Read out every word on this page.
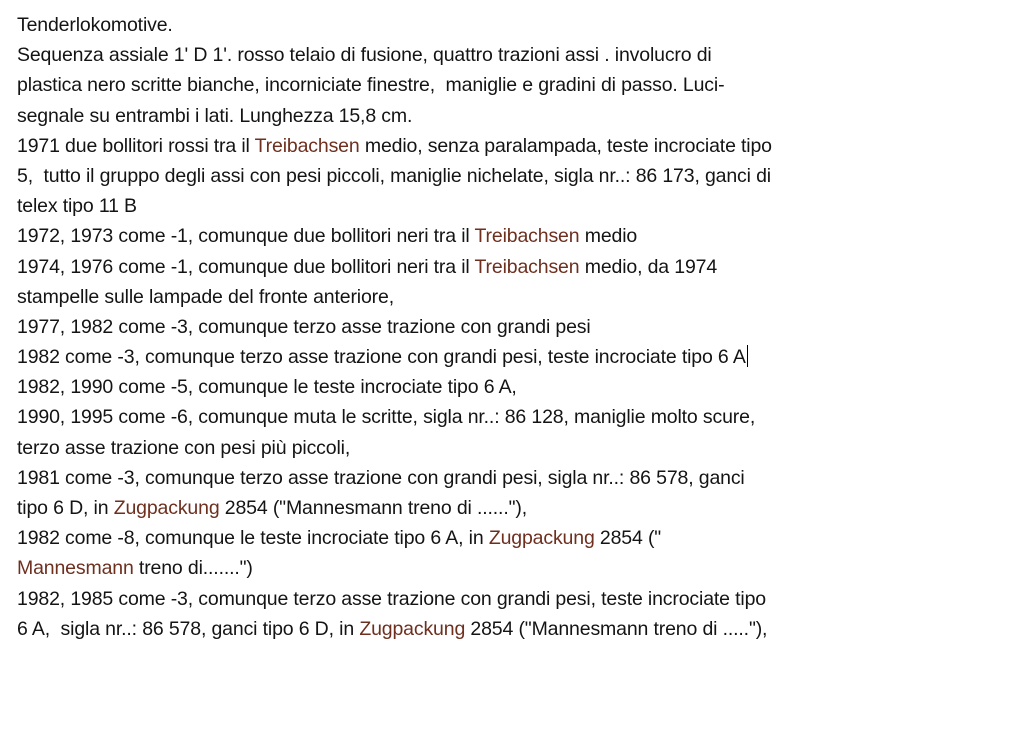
Tenderlokomotive.
Sequenza assiale 1' D 1'. rosso telaio di fusione, quattro trazioni assi . involucro di
plastica nero scritte bianche, incorniciate finestre,  maniglie e gradini di passo. Luci-
segnale su entrambi i lati. Lunghezza 15,8 cm.
1971 due bollitori rossi tra il Treibachsen medio, senza paralampada, teste incrociate tipo
5,  tutto il gruppo degli assi con pesi piccoli, maniglie nichelate, sigla nr..: 86 173, ganci di
telex tipo 11 B
1972, 1973 come -1, comunque due bollitori neri tra il Treibachsen medio
1974, 1976 come -1, comunque due bollitori neri tra il Treibachsen medio, da 1974
stampelle sulle lampade del fronte anteriore,
1977, 1982 come -3, comunque terzo asse trazione con grandi pesi
1982 come -3, comunque terzo asse trazione con grandi pesi, teste incrociate tipo 6 A
1982, 1990 come -5, comunque le teste incrociate tipo 6 A,
1990, 1995 come -6, comunque muta le scritte, sigla nr..: 86 128, maniglie molto scure,
terzo asse trazione con pesi più piccoli,
1981 come -3, comunque terzo asse trazione con grandi pesi, sigla nr..: 86 578, ganci
tipo 6 D, in Zugpackung 2854 ("Mannesmann treno di ......"),
1982 come -8, comunque le teste incrociate tipo 6 A, in Zugpackung 2854 ("
Mannesmann treno di.......")
1982, 1985 come -3, comunque terzo asse trazione con grandi pesi, teste incrociate tipo
6 A,  sigla nr..: 86 578, ganci tipo 6 D, in Zugpackung 2854 ("Mannesmann treno di ....."),
